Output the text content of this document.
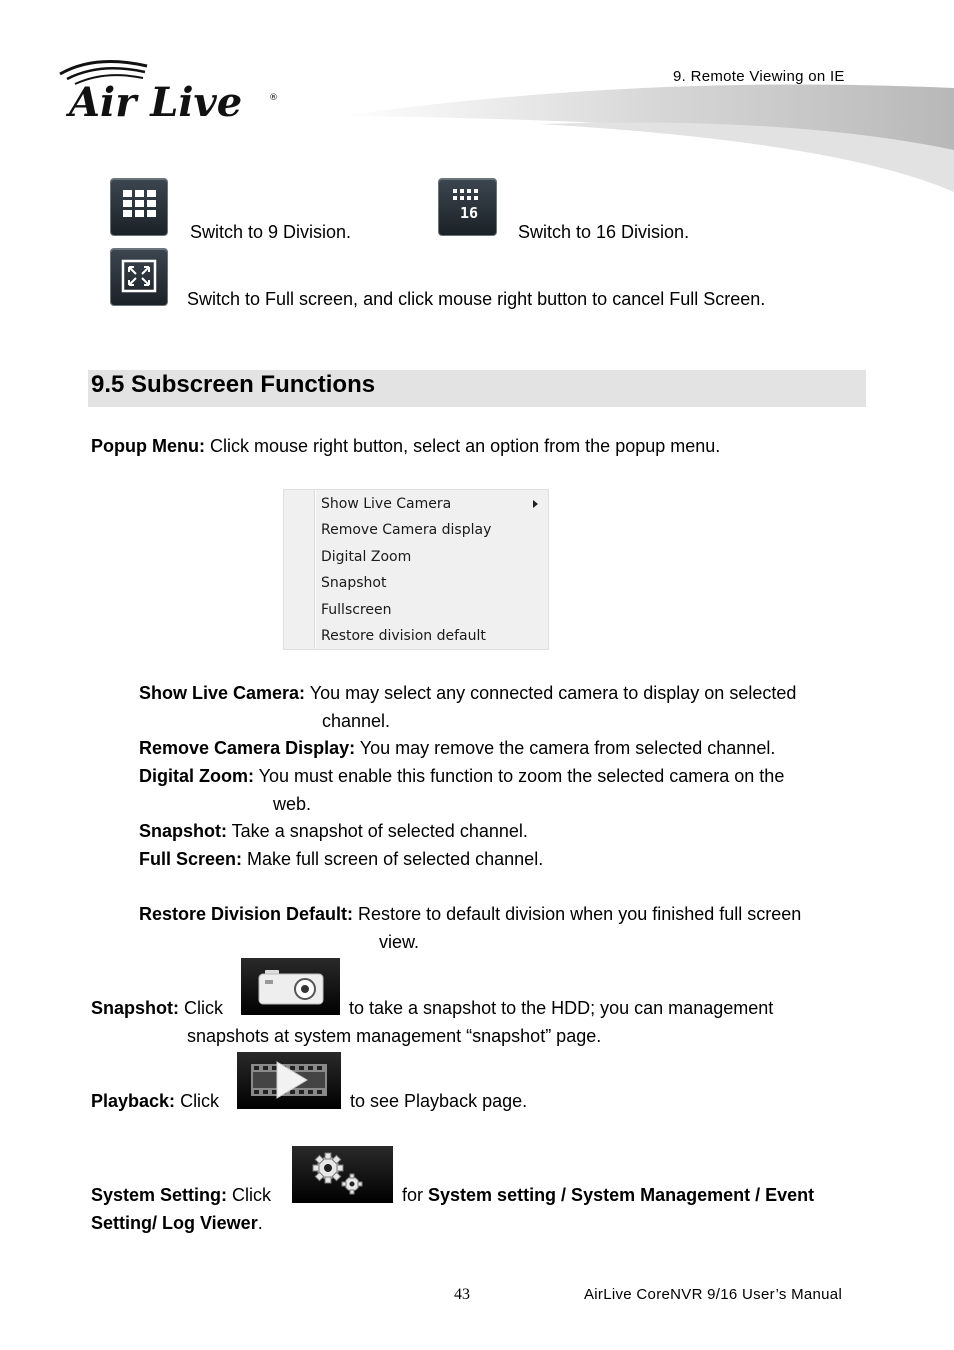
Air Live	®
9. Remote Viewing on IE
Switch to 9 Division.
16
Switch to 16 Division.
Switch to Full screen, and click mouse right button to cancel Full Screen.
9.5 Subscreen Functions
Popup Menu: Click mouse right button, select an option from the popup menu.
Show Live Camera
Remove Camera display
Digital Zoom
Snapshot
Fullscreen
Restore division default
Show Live Camera: You may select any connected camera to display on selected
channel.
Remove Camera Display: You may remove the camera from selected channel.
Digital Zoom: You must enable this function to zoom the selected camera on the
web.
Snapshot: Take a snapshot of selected channel.
Full Screen: Make full screen of selected channel.
Restore Division Default: Restore to default division when you finished full screen
view.
Snapshot: Click	to take a snapshot to the HDD; you can management
snapshots at system management “snapshot” page.
Playback: Click	to see Playback page.
System Setting: Click	for System setting / System Management / Event
Setting/ Log Viewer.
43	AirLive CoreNVR 9/16 User’s Manual
